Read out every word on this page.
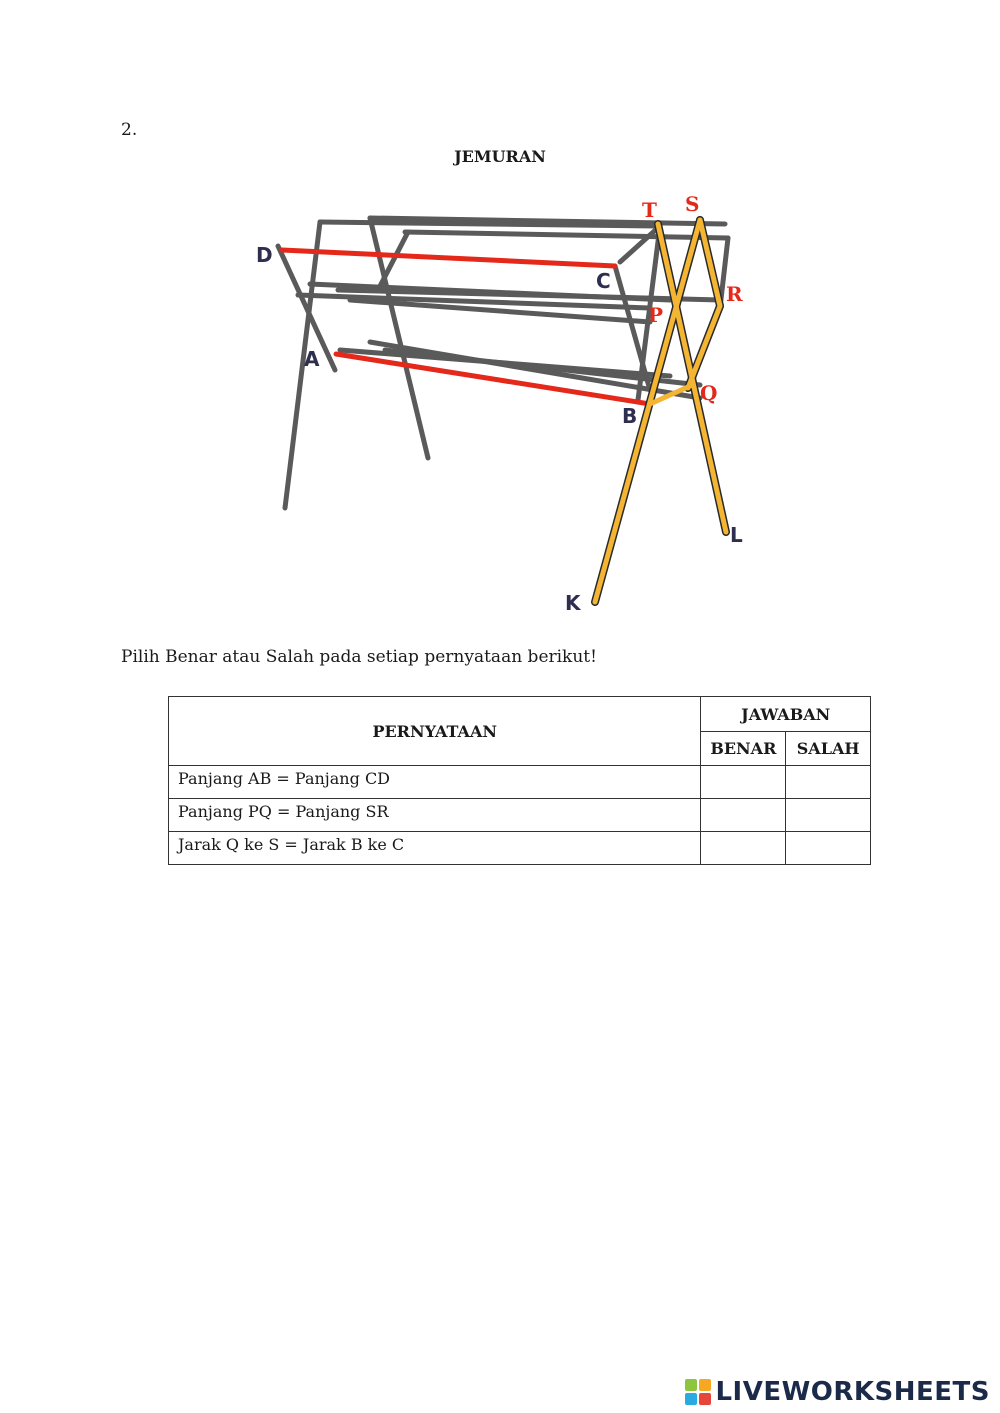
2.
JEMURAN
D
C
A
B
L
K
T S
R
P
Q
Pilih Benar atau Salah pada setiap pernyataan berikut!
PERNYATAAN	JAWABAN	
	BENAR	SALAH
Panjang AB = Panjang CD		
Panjang PQ = Panjang SR		
Jarak Q ke S = Jarak B ke C		
LIVEWORKSHEETS
